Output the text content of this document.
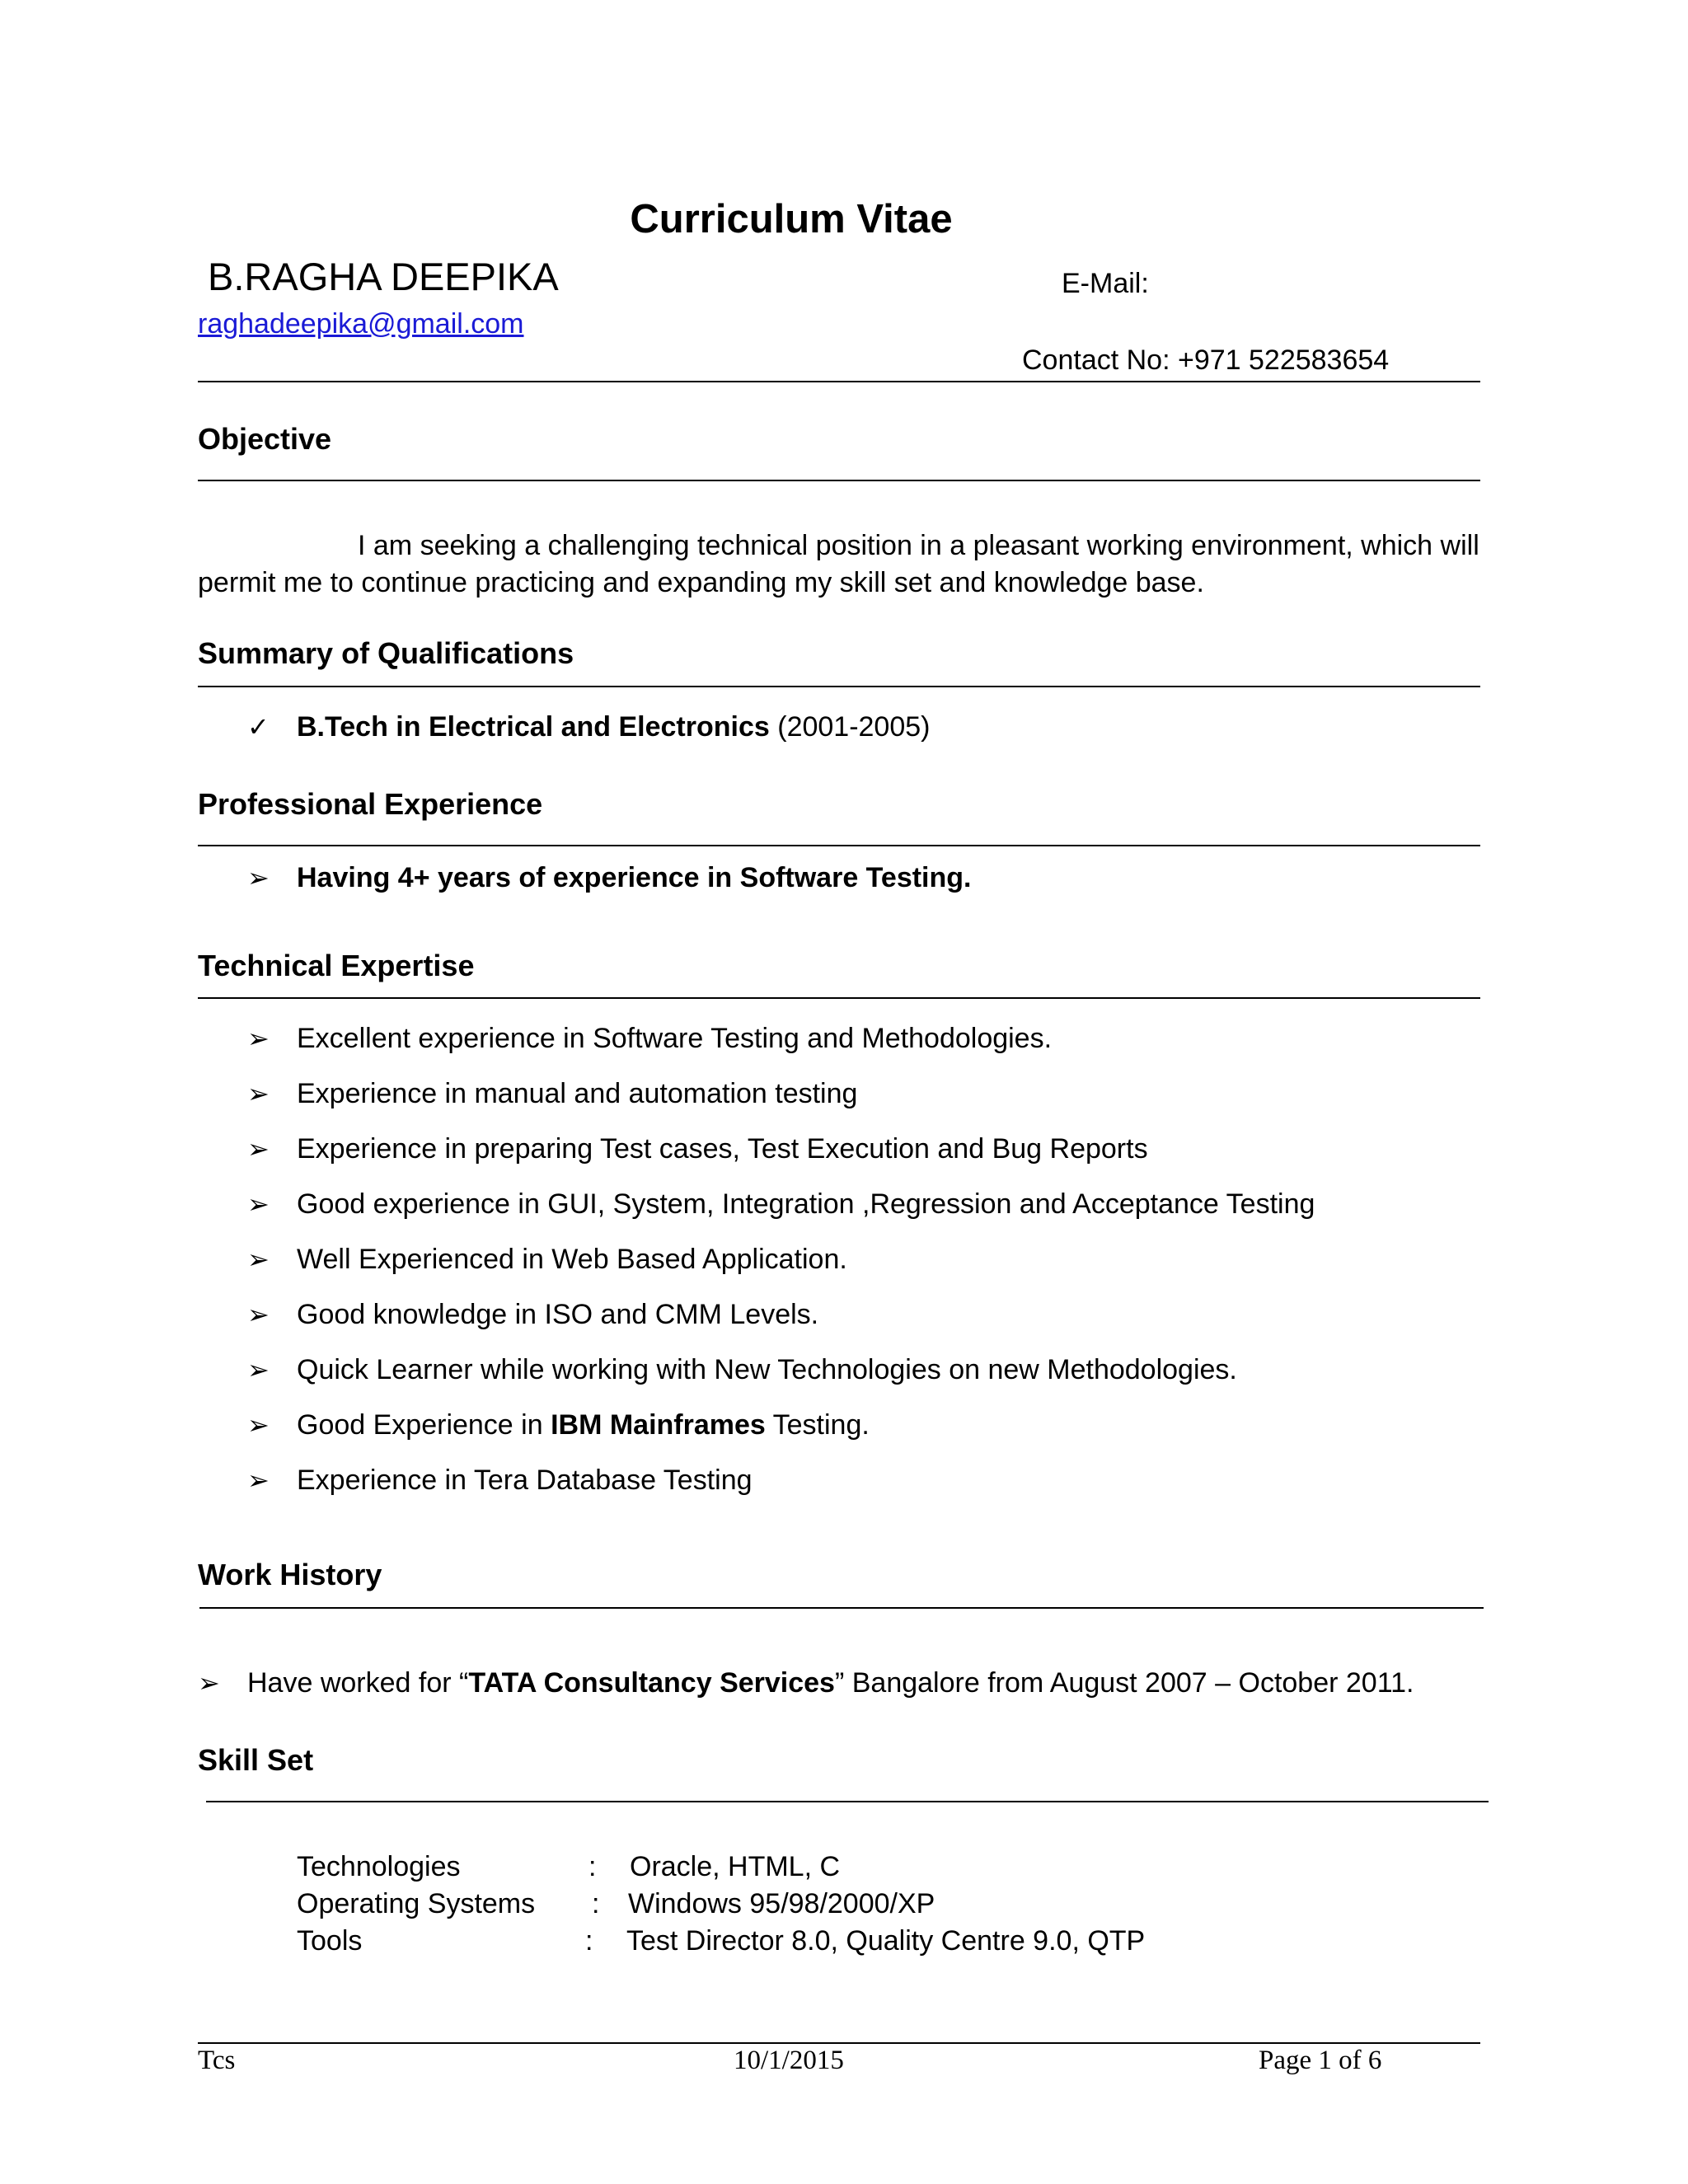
Curriculum Vitae
B.RAGHA DEEPIKA	E-Mail:
raghadeepika@gmail.com
Contact No: +971 522583654
Objective
I am seeking a challenging technical position in a pleasant working environment, which will
permit me to continue practicing and expanding my skill set and knowledge base.
Summary of Qualifications
✓ B.Tech in Electrical and Electronics (2001-2005)
Professional Experience
➢ Having 4+ years of experience in Software Testing.
Technical Expertise
➢ Excellent experience in Software Testing and Methodologies.
➢ Experience in manual and automation testing
➢ Experience in preparing Test cases, Test Execution and Bug Reports
➢ Good experience in GUI, System, Integration ,Regression and Acceptance Testing
➢ Well Experienced in Web Based Application.
➢ Good knowledge in ISO and CMM Levels.
➢ Quick Learner while working with New Technologies on new Methodologies.
➢ Good Experience in IBM Mainframes Testing.
➢ Experience in Tera Database Testing
Work History
➢ Have worked for “TATA Consultancy Services” Bangalore from August 2007 – October 2011.
Skill Set
Technologies	: Oracle, HTML, C
Operating Systems : Windows 95/98/2000/XP
Tools	: Test Director 8.0, Quality Centre 9.0, QTP
Tcs	10/1/2015	Page 1 of 6
